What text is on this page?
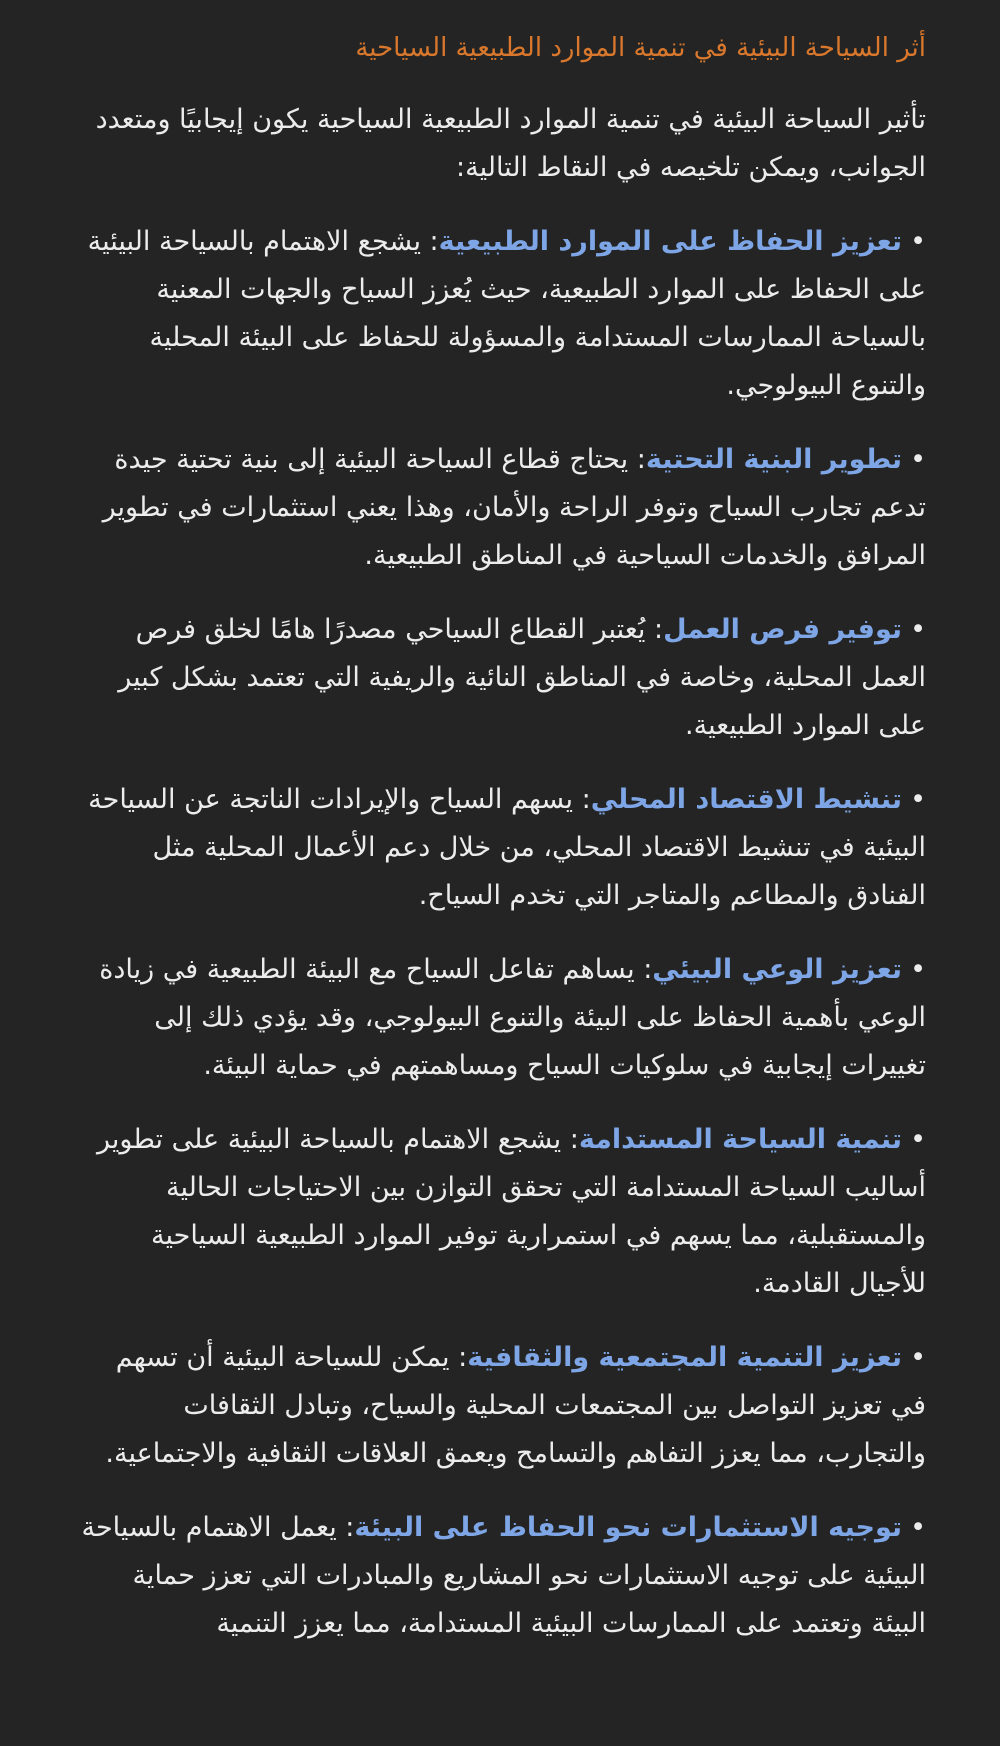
أثر السياحة البيئية في تنمية الموارد الطبيعية السياحية

تأثير السياحة البيئية في تنمية الموارد الطبيعية السياحية يكون إيجابيًا ومتعدد الجوانب، ويمكن تلخيصه في النقاط التالية:

•تعزيز الحفاظ على الموارد الطبيعية: يشجع الاهتمام بالسياحة البيئية على الحفاظ على الموارد الطبيعية، حيث يُعزز السياح والجهات المعنية بالسياحة الممارسات المستدامة والمسؤولة للحفاظ على البيئة المحلية والتنوع البيولوجي.
•تطوير البنية التحتية: يحتاج قطاع السياحة البيئية إلى بنية تحتية جيدة تدعم تجارب السياح وتوفر الراحة والأمان، وهذا يعني استثمارات في تطوير المرافق والخدمات السياحية في المناطق الطبيعية.
•توفير فرص العمل: يُعتبر القطاع السياحي مصدرًا هامًا لخلق فرص العمل المحلية، وخاصة في المناطق النائية والريفية التي تعتمد بشكل كبير على الموارد الطبيعية.
•تنشيط الاقتصاد المحلي: يسهم السياح والإيرادات الناتجة عن السياحة البيئية في تنشيط الاقتصاد المحلي، من خلال دعم الأعمال المحلية مثل الفنادق والمطاعم والمتاجر التي تخدم السياح.
•تعزيز الوعي البيئي: يساهم تفاعل السياح مع البيئة الطبيعية في زيادة الوعي بأهمية الحفاظ على البيئة والتنوع البيولوجي، وقد يؤدي ذلك إلى تغييرات إيجابية في سلوكيات السياح ومساهمتهم في حماية البيئة.
•تنمية السياحة المستدامة: يشجع الاهتمام بالسياحة البيئية على تطوير أساليب السياحة المستدامة التي تحقق التوازن بين الاحتياجات الحالية والمستقبلية، مما يسهم في استمرارية توفير الموارد الطبيعية السياحية للأجيال القادمة.
•تعزيز التنمية المجتمعية والثقافية: يمكن للسياحة البيئية أن تسهم في تعزيز التواصل بين المجتمعات المحلية والسياح، وتبادل الثقافات والتجارب، مما يعزز التفاهم والتسامح ويعمق العلاقات الثقافية والاجتماعية.
•توجيه الاستثمارات نحو الحفاظ على البيئة: يعمل الاهتمام بالسياحة البيئية على توجيه الاستثمارات نحو المشاريع والمبادرات التي تعزز حماية البيئة وتعتمد على الممارسات البيئية المستدامة، مما يعزز التنمية
